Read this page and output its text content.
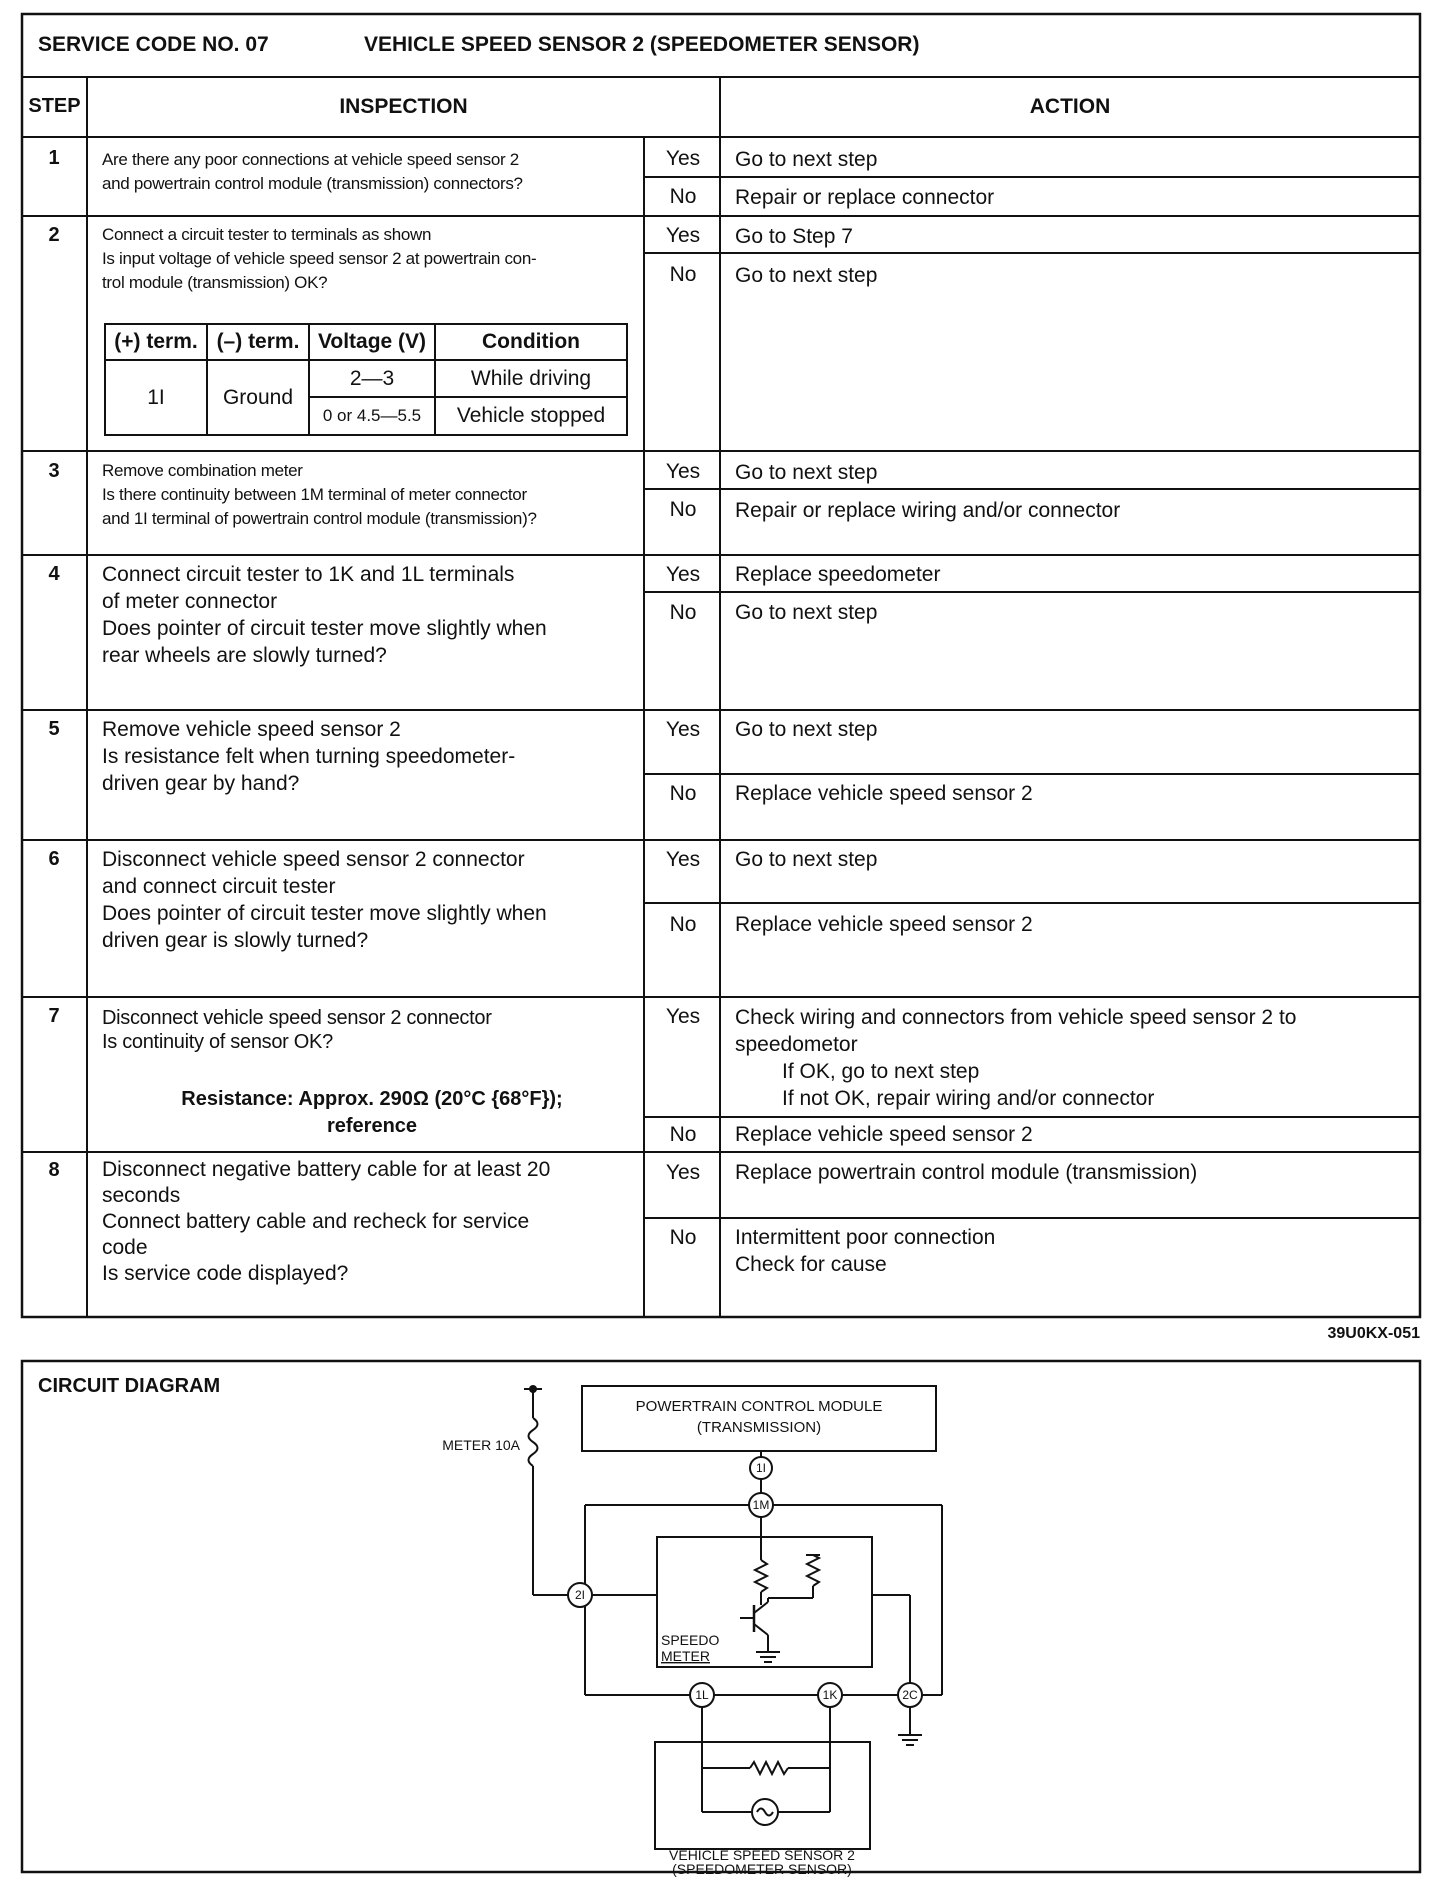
SERVICE CODE NO. 07	VEHICLE SPEED SENSOR 2 (SPEEDOMETER SENSOR)
STEP	INSPECTION	ACTION
1	Are there any poor connections at vehicle speed sensor 2
and powertrain control module (transmission) connectors?
Yes	Go to next step
No	Repair or replace connector
2	Connect a circuit tester to terminals as shown
Is input voltage of vehicle speed sensor 2 at powertrain con-
trol module (transmission) OK?
(+) term.	(–) term.	Voltage (V)	Condition
1I	Ground	2—3	While driving
		0 or 4.5—5.5	Vehicle stopped
Yes	Go to Step 7
No	Go to next step
3	Remove combination meter
Is there continuity between 1M terminal of meter connector
and 1I terminal of powertrain control module (transmission)?
Yes	Go to next step
No	Repair or replace wiring and/or connector
4	Connect circuit tester to 1K and 1L terminals
of meter connector
Does pointer of circuit tester move slightly when
rear wheels are slowly turned?
Yes	Replace speedometer
No	Go to next step
5	Remove vehicle speed sensor 2
Is resistance felt when turning speedometer-
driven gear by hand?
Yes	Go to next step
No	Replace vehicle speed sensor 2
6	Disconnect vehicle speed sensor 2 connector
and connect circuit tester
Does pointer of circuit tester move slightly when
driven gear is slowly turned?
Yes	Go to next step
No	Replace vehicle speed sensor 2
7	Disconnect vehicle speed sensor 2 connector
Is continuity of sensor OK?
Resistance: Approx. 290Ω (20°C {68°F});
reference
Yes	Check wiring and connectors from vehicle speed sensor 2 to
speedometor
If OK, go to next step
If not OK, repair wiring and/or connector
No	Replace vehicle speed sensor 2
8	Disconnect negative battery cable for at least 20
seconds
Connect battery cable and recheck for service
code
Is service code displayed?
Yes	Replace powertrain control module (transmission)
No	Intermittent poor connection
Check for cause
39U0KX-051
1I
1M
2I
1L	1K	2C
CIRCUIT DIAGRAM
POWERTRAIN CONTROL MODULE
(TRANSMISSION)
METER 10A
SPEEDO
METER
VEHICLE SPEED SENSOR 2
(SPEEDOMETER SENSOR)
